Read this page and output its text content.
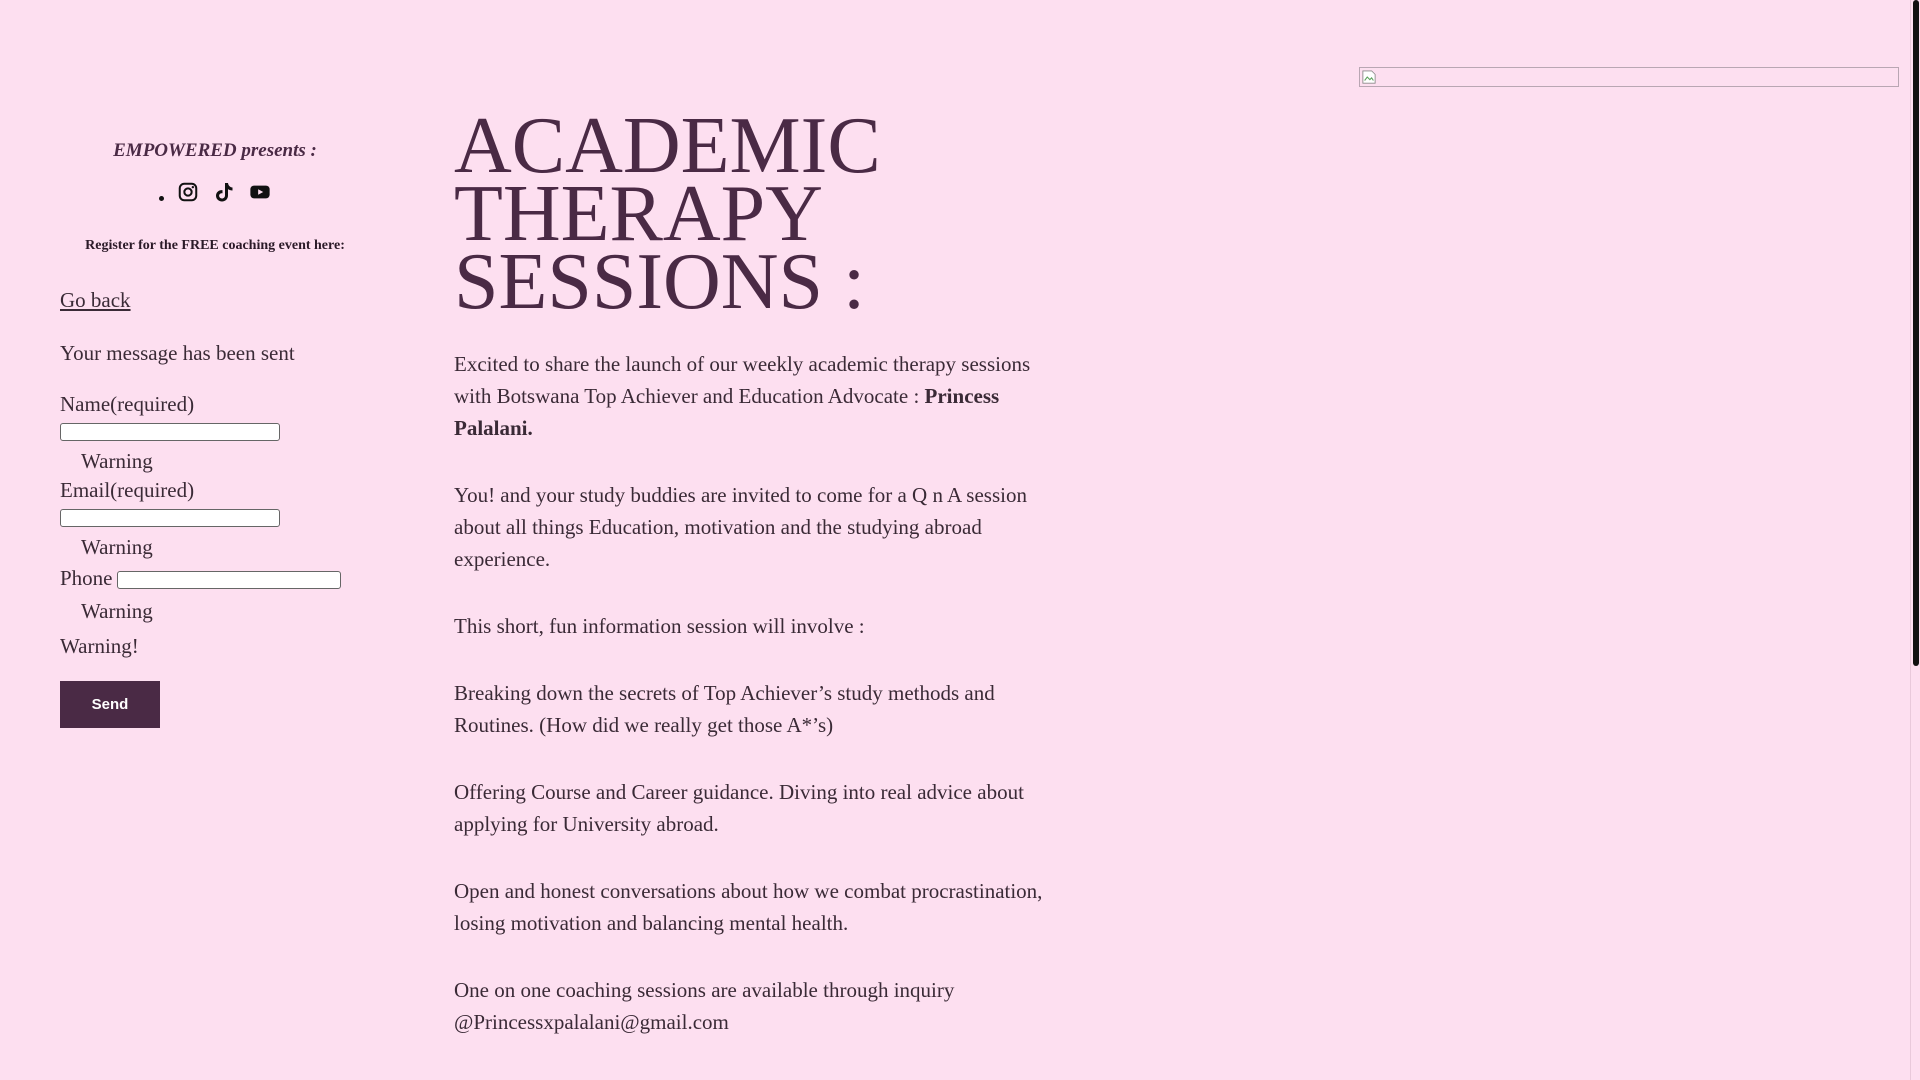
EMPOWERED presents :

Register for the FREE coaching event here:
Go back
Your message has been sent
Name(required)
Warning
Email(required)
Warning
Phone
Warning
Warning!
Send
ACADEMIC
THERAPY
SESSIONS :

Excited to share the launch of our weekly academic therapy sessions with Botswana Top Achiever and Education Advocate : Princess Palalani.

You! and your study buddies are invited to come for a Q n A session about all things Education, motivation and the studying abroad experience.

This short, fun information session will involve :

Breaking down the secrets of Top Achiever’s study methods and Routines. (How did we really get those A*’s)

Offering Course and Career guidance. Diving into real advice about applying for University abroad.

Open and honest conversations about how we combat procrastination, losing motivation and balancing mental health.

One on one coaching sessions are available through inquiry @Princessxpalalani@gmail.com
